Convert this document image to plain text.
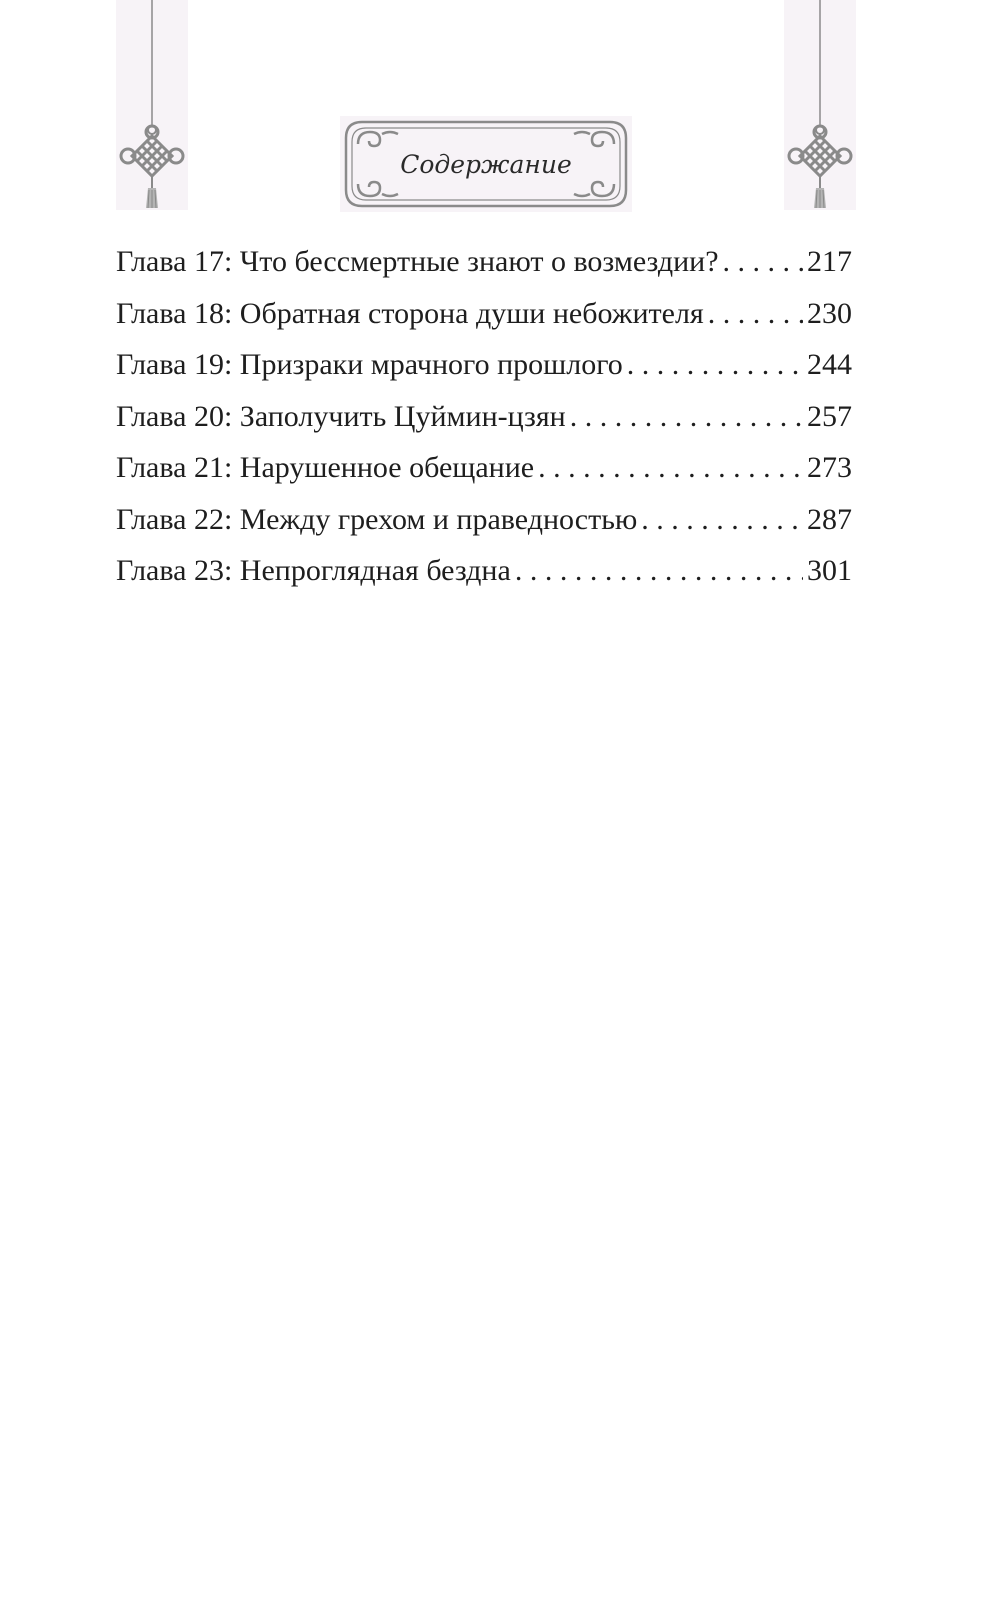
Содержание
Глава 17: Что бессмертные знают о возмездии? . . .	217
Глава 18: Обратная сторона души небожителя . . .	230
Глава 19: Призраки мрачного прошлого . . .	244
Глава 20: Заполучить Цуймин-цзян . . .	257
Глава 21: Нарушенное обещание . . .	273
Глава 22: Между грехом и праведностью . . .	287
Глава 23: Непроглядная бездна . . .	301
